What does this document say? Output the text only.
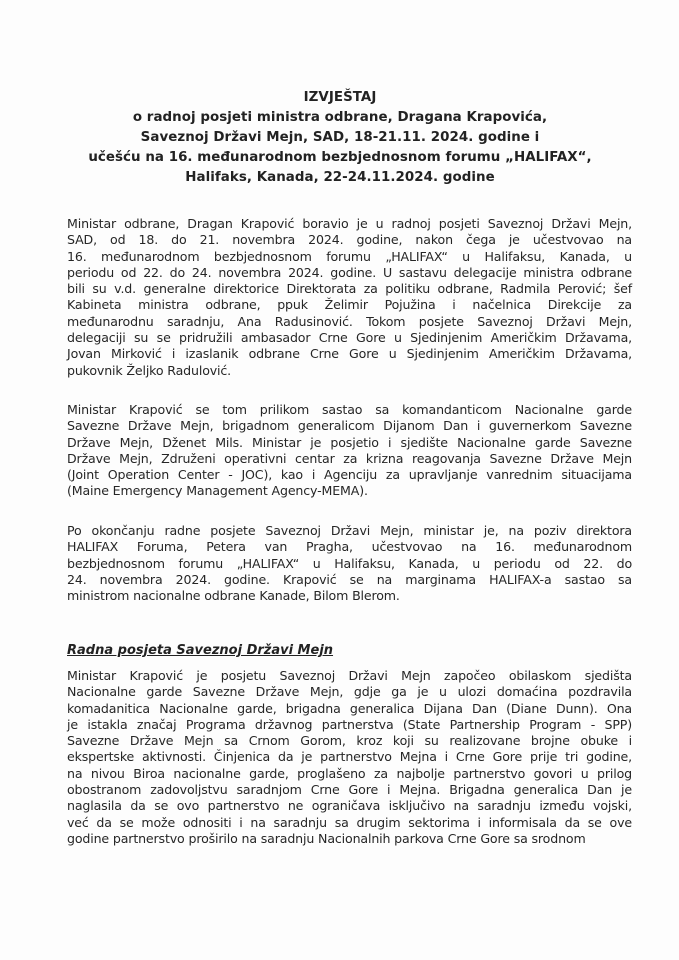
IZVJEŠTAJ
o radnoj posjeti ministra odbrane, Dragana Krapovića,
Saveznoj Državi Mejn, SAD, 18-21.11. 2024. godine i
učešću na 16. međunarodnom bezbjednosnom forumu „HALIFAX“,
Halifaks, Kanada, 22-24.11.2024. godine
Ministar odbrane, Dragan Krapović boravio je u radnoj posjeti Saveznoj Državi Mejn,
SAD, od 18. do 21. novembra 2024. godine, nakon čega je učestvovao na
16. međunarodnom bezbjednosnom forumu „HALIFAX“ u Halifaksu, Kanada, u
periodu od 22. do 24. novembra 2024. godine. U sastavu delegacije ministra odbrane
bili su v.d. generalne direktorice Direktorata za politiku odbrane, Radmila Perović; šef
Kabineta ministra odbrane, ppuk Želimir Pojužina i načelnica Direkcije za
međunarodnu saradnju, Ana Radusinović. Tokom posjete Saveznoj Državi Mejn,
delegaciji su se pridružili ambasador Crne Gore u Sjedinjenim Američkim Državama,
Jovan Mirković i izaslanik odbrane Crne Gore u Sjedinjenim Američkim Državama,
pukovnik Željko Radulović.
Ministar Krapović se tom prilikom sastao sa komandanticom Nacionalne garde
Savezne Države Mejn, brigadnom generalicom Dijanom Dan i guvernerkom Savezne
Države Mejn, Dženet Mils. Ministar je posjetio i sjedište Nacionalne garde Savezne
Države Mejn, Združeni operativni centar za krizna reagovanja Savezne Države Mejn
(Joint Operation Center - JOC), kao i Agenciju za upravljanje vanrednim situacijama
(Maine Emergency Management Agency-MEMA).
Po okončanju radne posjete Saveznoj Državi Mejn, ministar je, na poziv direktora
HALIFAX Foruma, Petera van Pragha, učestvovao na 16. međunarodnom
bezbjednosnom forumu „HALIFAX“ u Halifaksu, Kanada, u periodu od 22. do
24. novembra 2024. godine. Krapović se na marginama HALIFAX-a sastao sa
ministrom nacionalne odbrane Kanade, Bilom Blerom.
Radna posjeta Saveznoj Državi Mejn
Ministar Krapović je posjetu Saveznoj Državi Mejn započeo obilaskom sjedišta
Nacionalne garde Savezne Države Mejn, gdje ga je u ulozi domaćina pozdravila
komadanitica Nacionalne garde, brigadna generalica Dijana Dan (Diane Dunn). Ona
je istakla značaj Programa državnog partnerstva (State Partnership Program - SPP)
Savezne Države Mejn sa Crnom Gorom, kroz koji su realizovane brojne obuke i
ekspertske aktivnosti. Činjenica da je partnerstvo Mejna i Crne Gore prije tri godine,
na nivou Biroa nacionalne garde, proglašeno za najbolje partnerstvo govori u prilog
obostranom zadovoljstvu saradnjom Crne Gore i Mejna. Brigadna generalica Dan je
naglasila da se ovo partnerstvo ne ograničava isključivo na saradnju između vojski,
već da se može odnositi i na saradnju sa drugim sektorima i informisala da se ove
godine partnerstvo proširilo na saradnju Nacionalnih parkova Crne Gore sa srodnom
